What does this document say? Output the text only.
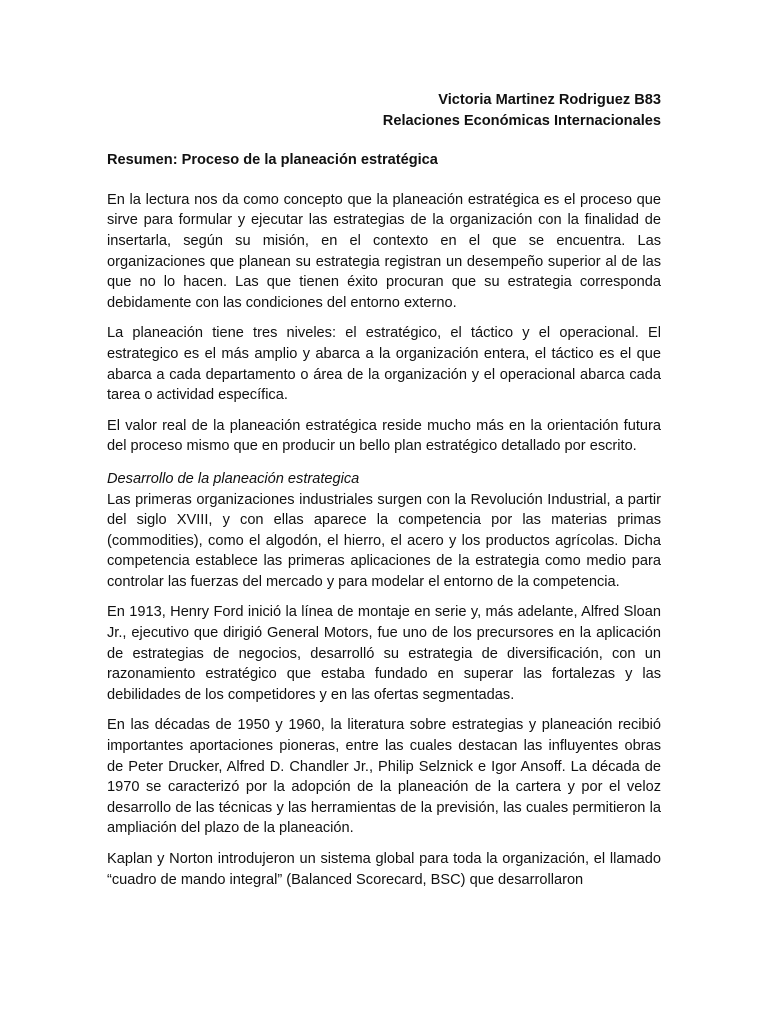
Victoria Martinez Rodriguez B83
Relaciones Económicas Internacionales
Resumen: Proceso de la planeación estratégica

En la lectura nos da como concepto que la planeación estratégica es el proceso que sirve para formular y ejecutar las estrategias de la organización con la finalidad de insertarla, según su misión, en el contexto en el que se encuentra. Las organizaciones que planean su estrategia registran un desempeño superior al de las que no lo hacen. Las que tienen éxito procuran que su estrategia corresponda debidamente con las condiciones del entorno externo.

La planeación tiene tres niveles: el estratégico, el táctico y el operacional. El estrategico es el más amplio y abarca a la organización entera, el táctico es el que abarca a cada departamento o área de la organización y el operacional abarca cada tarea o actividad específica.

El valor real de la planeación estratégica reside mucho más en la orientación futura del proceso mismo que en producir un bello plan estratégico detallado por escrito.

Desarrollo de la planeación estrategica

Las primeras organizaciones industriales surgen con la Revolución Industrial, a partir del siglo XVIII, y con ellas aparece la competencia por las materias primas (commodities), como el algodón, el hierro, el acero y los productos agrícolas. Dicha competencia establece las primeras aplicaciones de la estrategia como medio para controlar las fuerzas del mercado y para modelar el entorno de la competencia.

En 1913, Henry Ford inició la línea de montaje en serie y, más adelante, Alfred Sloan Jr., ejecutivo que dirigió General Motors, fue uno de los precursores en la aplicación de estrategias de negocios, desarrolló su estrategia de diversificación, con un razonamiento estratégico que estaba fundado en superar las fortalezas y las debilidades de los competidores y en las ofertas segmentadas.

En las décadas de 1950 y 1960, la literatura sobre estrategias y planeación recibió importantes aportaciones pioneras, entre las cuales destacan las influyentes obras de Peter Drucker, Alfred D. Chandler Jr., Philip Selznick e Igor Ansoff. La década de 1970 se caracterizó por la adopción de la planeación de la cartera y por el veloz desarrollo de las técnicas y las herramientas de la previsión, las cuales permitieron la ampliación del plazo de la planeación.

Kaplan y Norton introdujeron un sistema global para toda la organización, el llamado “cuadro de mando integral” (Balanced Scorecard, BSC) que desarrollaron
